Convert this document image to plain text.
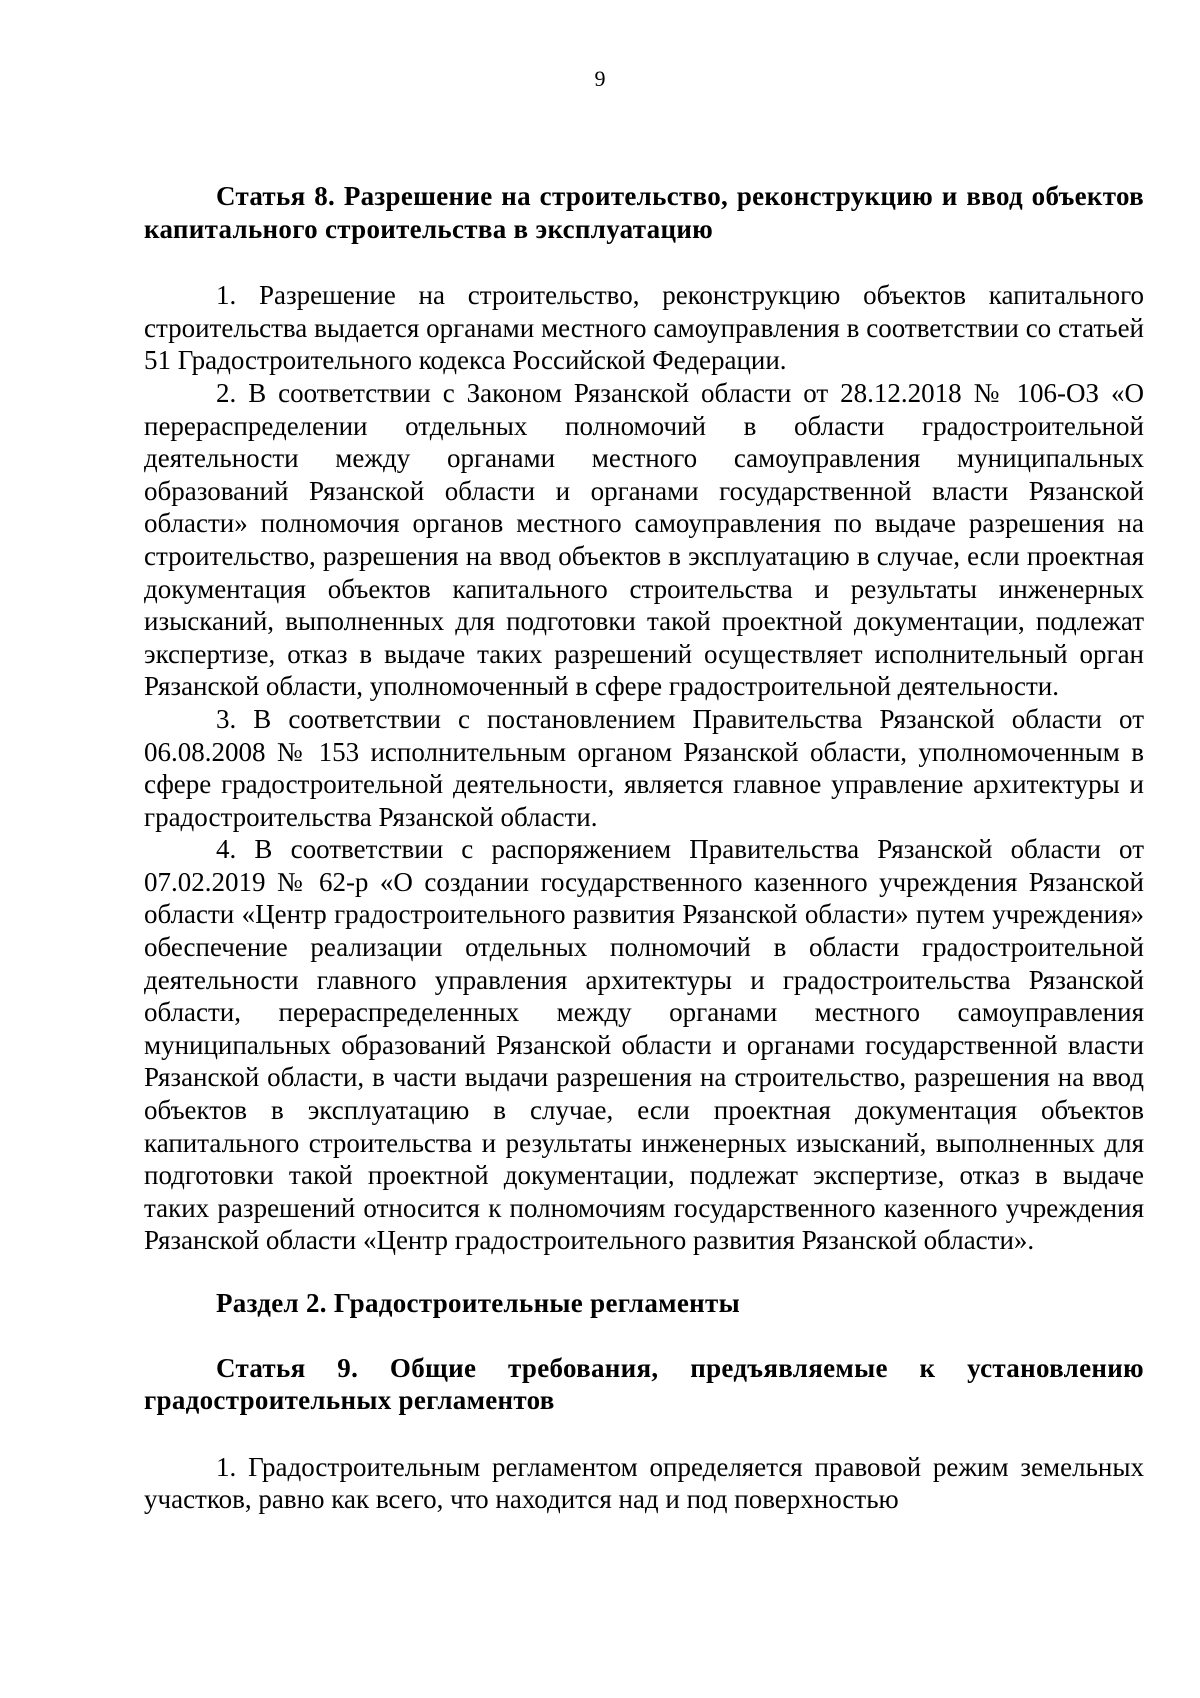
9

Статья 8. Разрешение на строительство, реконструкцию и ввод объектов капитального строительства в эксплуатацию

1. Разрешение на строительство, реконструкцию объектов капитального строительства выдается органами местного самоуправления в соответствии со статьей 51 Градостроительного кодекса Российской Федерации.

2. В соответствии с Законом Рязанской области от 28.12.2018 № 106-ОЗ «О перераспределении отдельных полномочий в области градостроительной деятельности между органами местного самоуправления муниципальных образований Рязанской области и органами государственной власти Рязанской области» полномочия органов местного самоуправления по выдаче разрешения на строительство, разрешения на ввод объектов в эксплуатацию в случае, если проектная документация объектов капитального строительства и результаты инженерных изысканий, выполненных для подготовки такой проектной документации, подлежат экспертизе, отказ в выдаче таких разрешений осуществляет исполнительный орган Рязанской области, уполномоченный в сфере градостроительной деятельности.

3. В соответствии с постановлением Правительства Рязанской области от 06.08.2008 № 153 исполнительным органом Рязанской области, уполномоченным в сфере градостроительной деятельности, является главное управление архитектуры и градостроительства Рязанской области.

4. В соответствии с распоряжением Правительства Рязанской области от 07.02.2019 № 62-р «О создании государственного казенного учреждения Рязанской области «Центр градостроительного развития Рязанской области» путем учреждения» обеспечение реализации отдельных полномочий в области градостроительной деятельности главного управления архитектуры и градостроительства Рязанской области, перераспределенных между органами местного самоуправления муниципальных образований Рязанской области и органами государственной власти Рязанской области, в части выдачи разрешения на строительство, разрешения на ввод объектов в эксплуатацию в случае, если проектная документация объектов капитального строительства и результаты инженерных изысканий, выполненных для подготовки такой проектной документации, подлежат экспертизе, отказ в выдаче таких разрешений относится к полномочиям государственного казенного учреждения Рязанской области «Центр градостроительного развития Рязанской области».

Раздел 2. Градостроительные регламенты

Статья 9. Общие требования, предъявляемые к установлению градостроительных регламентов

1. Градостроительным регламентом определяется правовой режим земельных участков, равно как всего, что находится над и под поверхностью
